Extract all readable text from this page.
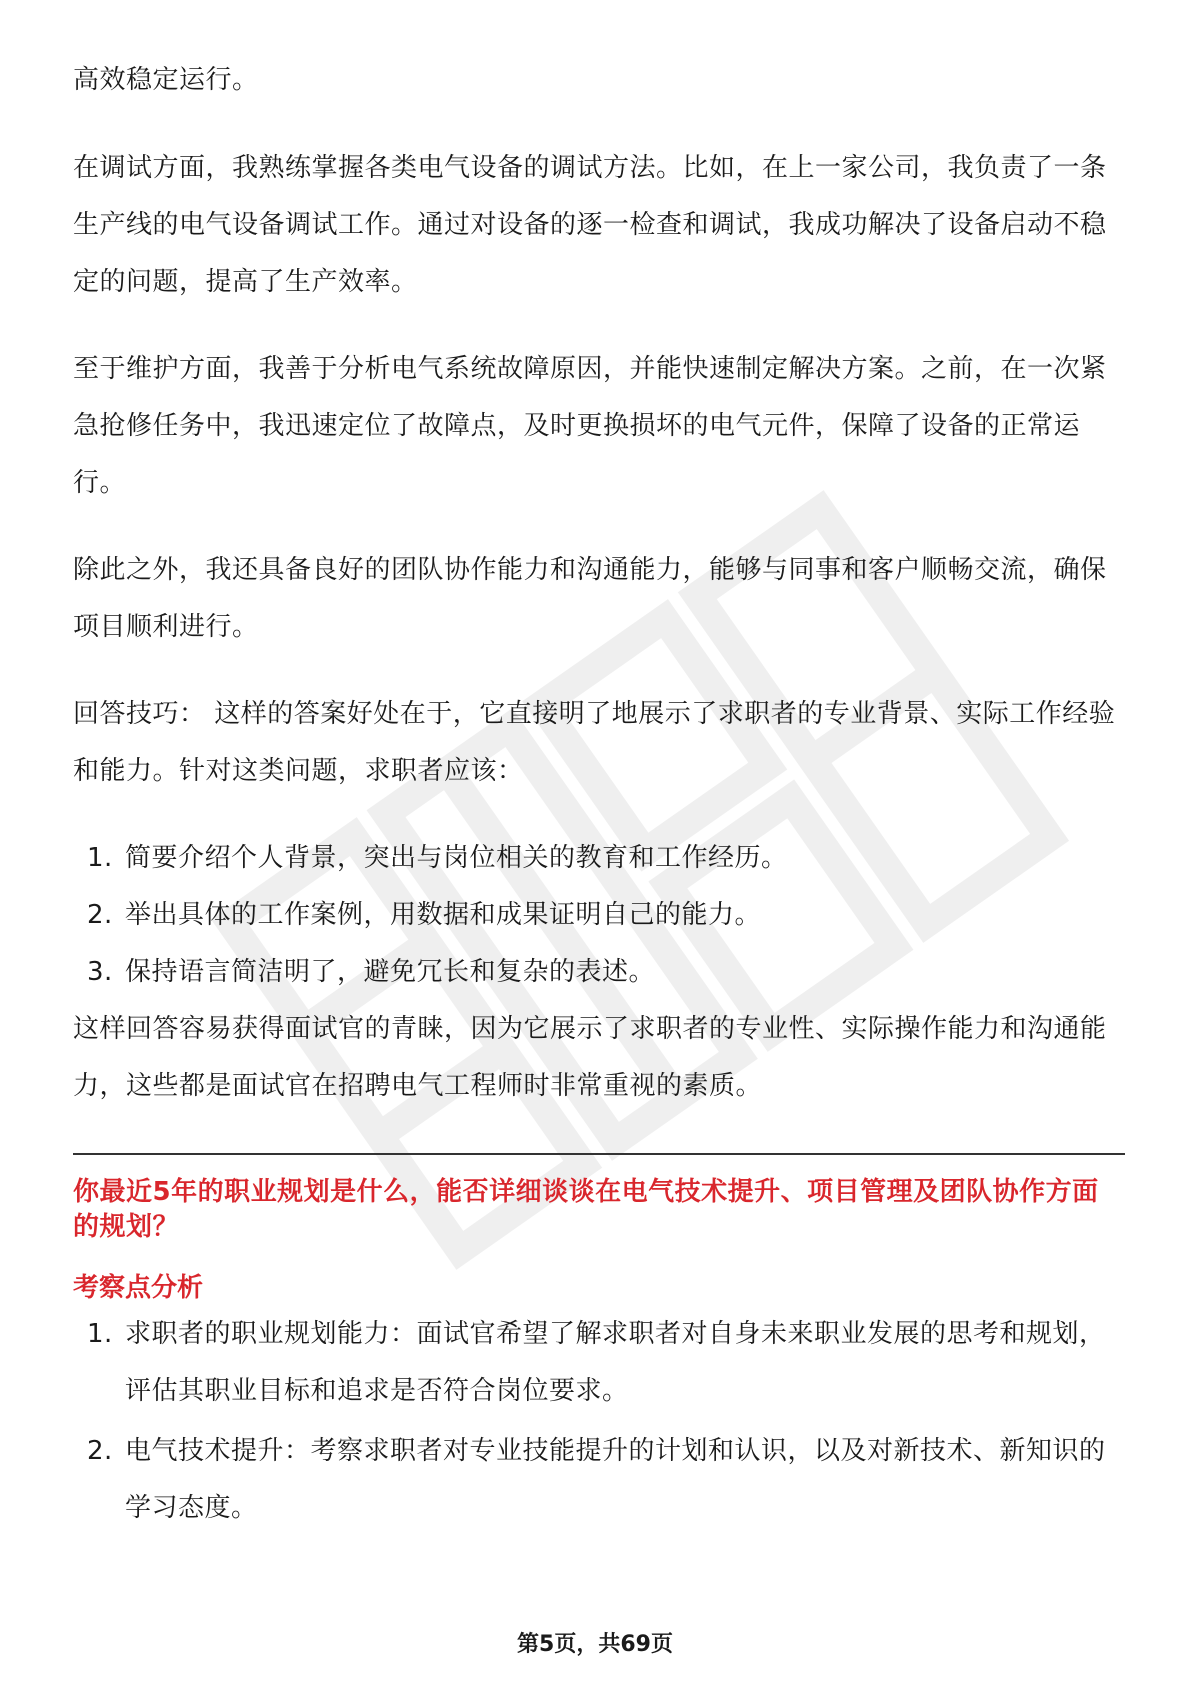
高效稳定运行。

在调试方面，我熟练掌握各类电气设备的调试方法。比如，在上一家公司，我负责了一条生产线的电气设备调试工作。通过对设备的逐一检查和调试，我成功解决了设备启动不稳定的问题，提高了生产效率。

至于维护方面，我善于分析电气系统故障原因，并能快速制定解决方案。之前，在一次紧急抢修任务中，我迅速定位了故障点，及时更换损坏的电气元件，保障了设备的正常运行。

除此之外，我还具备良好的团队协作能力和沟通能力，能够与同事和客户顺畅交流，确保项目顺利进行。

回答技巧： 这样的答案好处在于，它直接明了地展示了求职者的专业背景、实际工作经验和能力。针对这类问题，求职者应该：

1. 简要介绍个人背景，突出与岗位相关的教育和工作经历。
2. 举出具体的工作案例，用数据和成果证明自己的能力。
3. 保持语言简洁明了，避免冗长和复杂的表述。

这样回答容易获得面试官的青睐，因为它展示了求职者的专业性、实际操作能力和沟通能力，这些都是面试官在招聘电气工程师时非常重视的素质。

你最近5年的职业规划是什么，能否详细谈谈在电气技术提升、项目管理及团队协作方面的规划？

考察点分析

1. 求职者的职业规划能力：面试官希望了解求职者对自身未来职业发展的思考和规划，评估其职业目标和追求是否符合岗位要求。
2. 电气技术提升：考察求职者对专业技能提升的计划和认识，以及对新技术、新知识的学习态度。
第5页，共69页
